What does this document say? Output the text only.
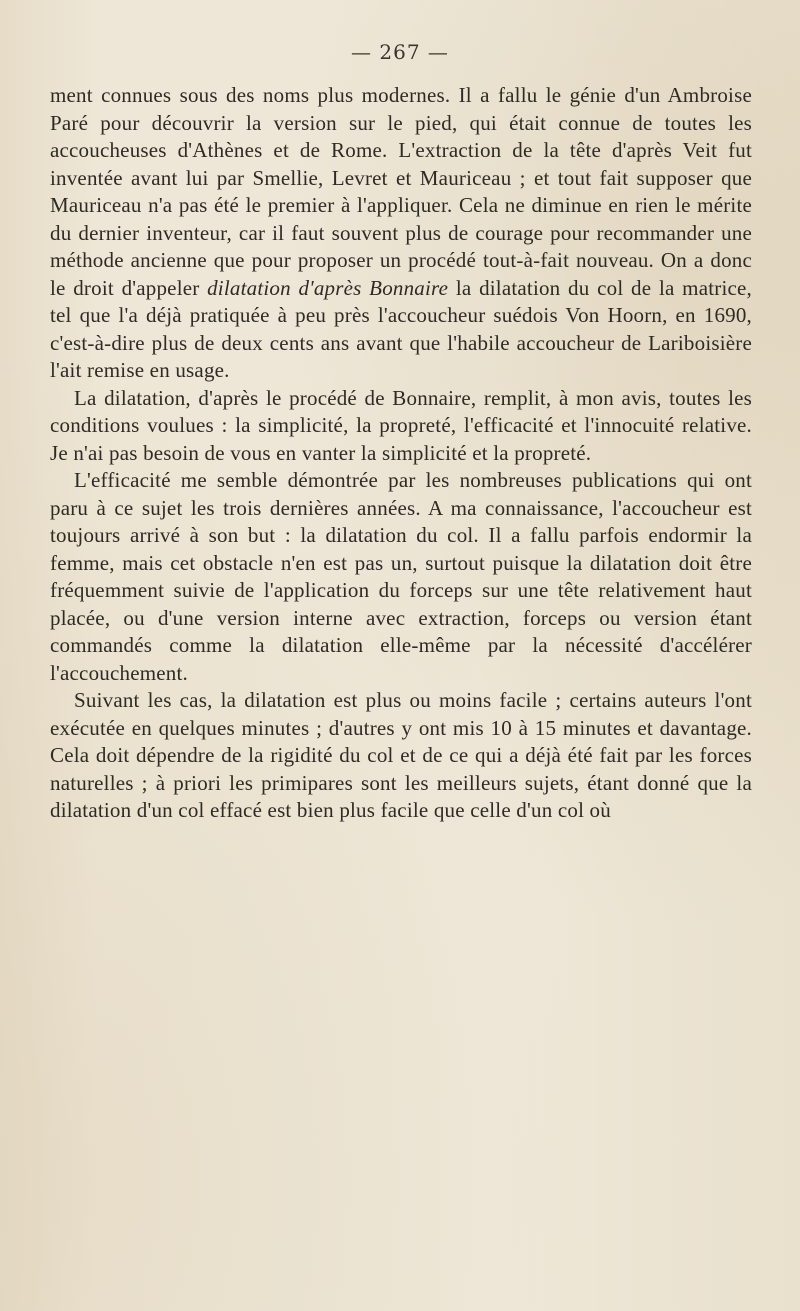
— 267 —

ment connues sous des noms plus modernes. Il a fallu le génie d'un Ambroise Paré pour découvrir la version sur le pied, qui était connue de toutes les accoucheuses d'Athènes et de Rome. L'extraction de la tête d'après Veit fut inventée avant lui par Smellie, Levret et Mauriceau ; et tout fait supposer que Mauriceau n'a pas été le premier à l'appliquer. Cela ne diminue en rien le mérite du dernier inventeur, car il faut souvent plus de courage pour recommander une méthode ancienne que pour proposer un procédé tout-à-fait nouveau. On a donc le droit d'appeler dilatation d'après Bonnaire la dilatation du col de la matrice, tel que l'a déjà pratiquée à peu près l'accoucheur suédois Von Hoorn, en 1690, c'est-à-dire plus de deux cents ans avant que l'habile accoucheur de Lariboisière l'ait remise en usage.

La dilatation, d'après le procédé de Bonnaire, remplit, à mon avis, toutes les conditions voulues : la simplicité, la propreté, l'efficacité et l'innocuité relative. Je n'ai pas besoin de vous en vanter la simplicité et la propreté.

L'efficacité me semble démontrée par les nombreuses publications qui ont paru à ce sujet les trois dernières années. A ma connaissance, l'accoucheur est toujours arrivé à son but : la dilatation du col. Il a fallu parfois endormir la femme, mais cet obstacle n'en est pas un, surtout puisque la dilatation doit être fréquemment suivie de l'application du forceps sur une tête relativement haut placée, ou d'une version interne avec extraction, forceps ou version étant commandés comme la dilatation elle-même par la nécessité d'accélérer l'accouchement.

Suivant les cas, la dilatation est plus ou moins facile ; certains auteurs l'ont exécutée en quelques minutes ; d'autres y ont mis 10 à 15 minutes et davantage. Cela doit dépendre de la rigidité du col et de ce qui a déjà été fait par les forces naturelles ; à priori les primipares sont les meilleurs sujets, étant donné que la dilatation d'un col effacé est bien plus facile que celle d'un col où
